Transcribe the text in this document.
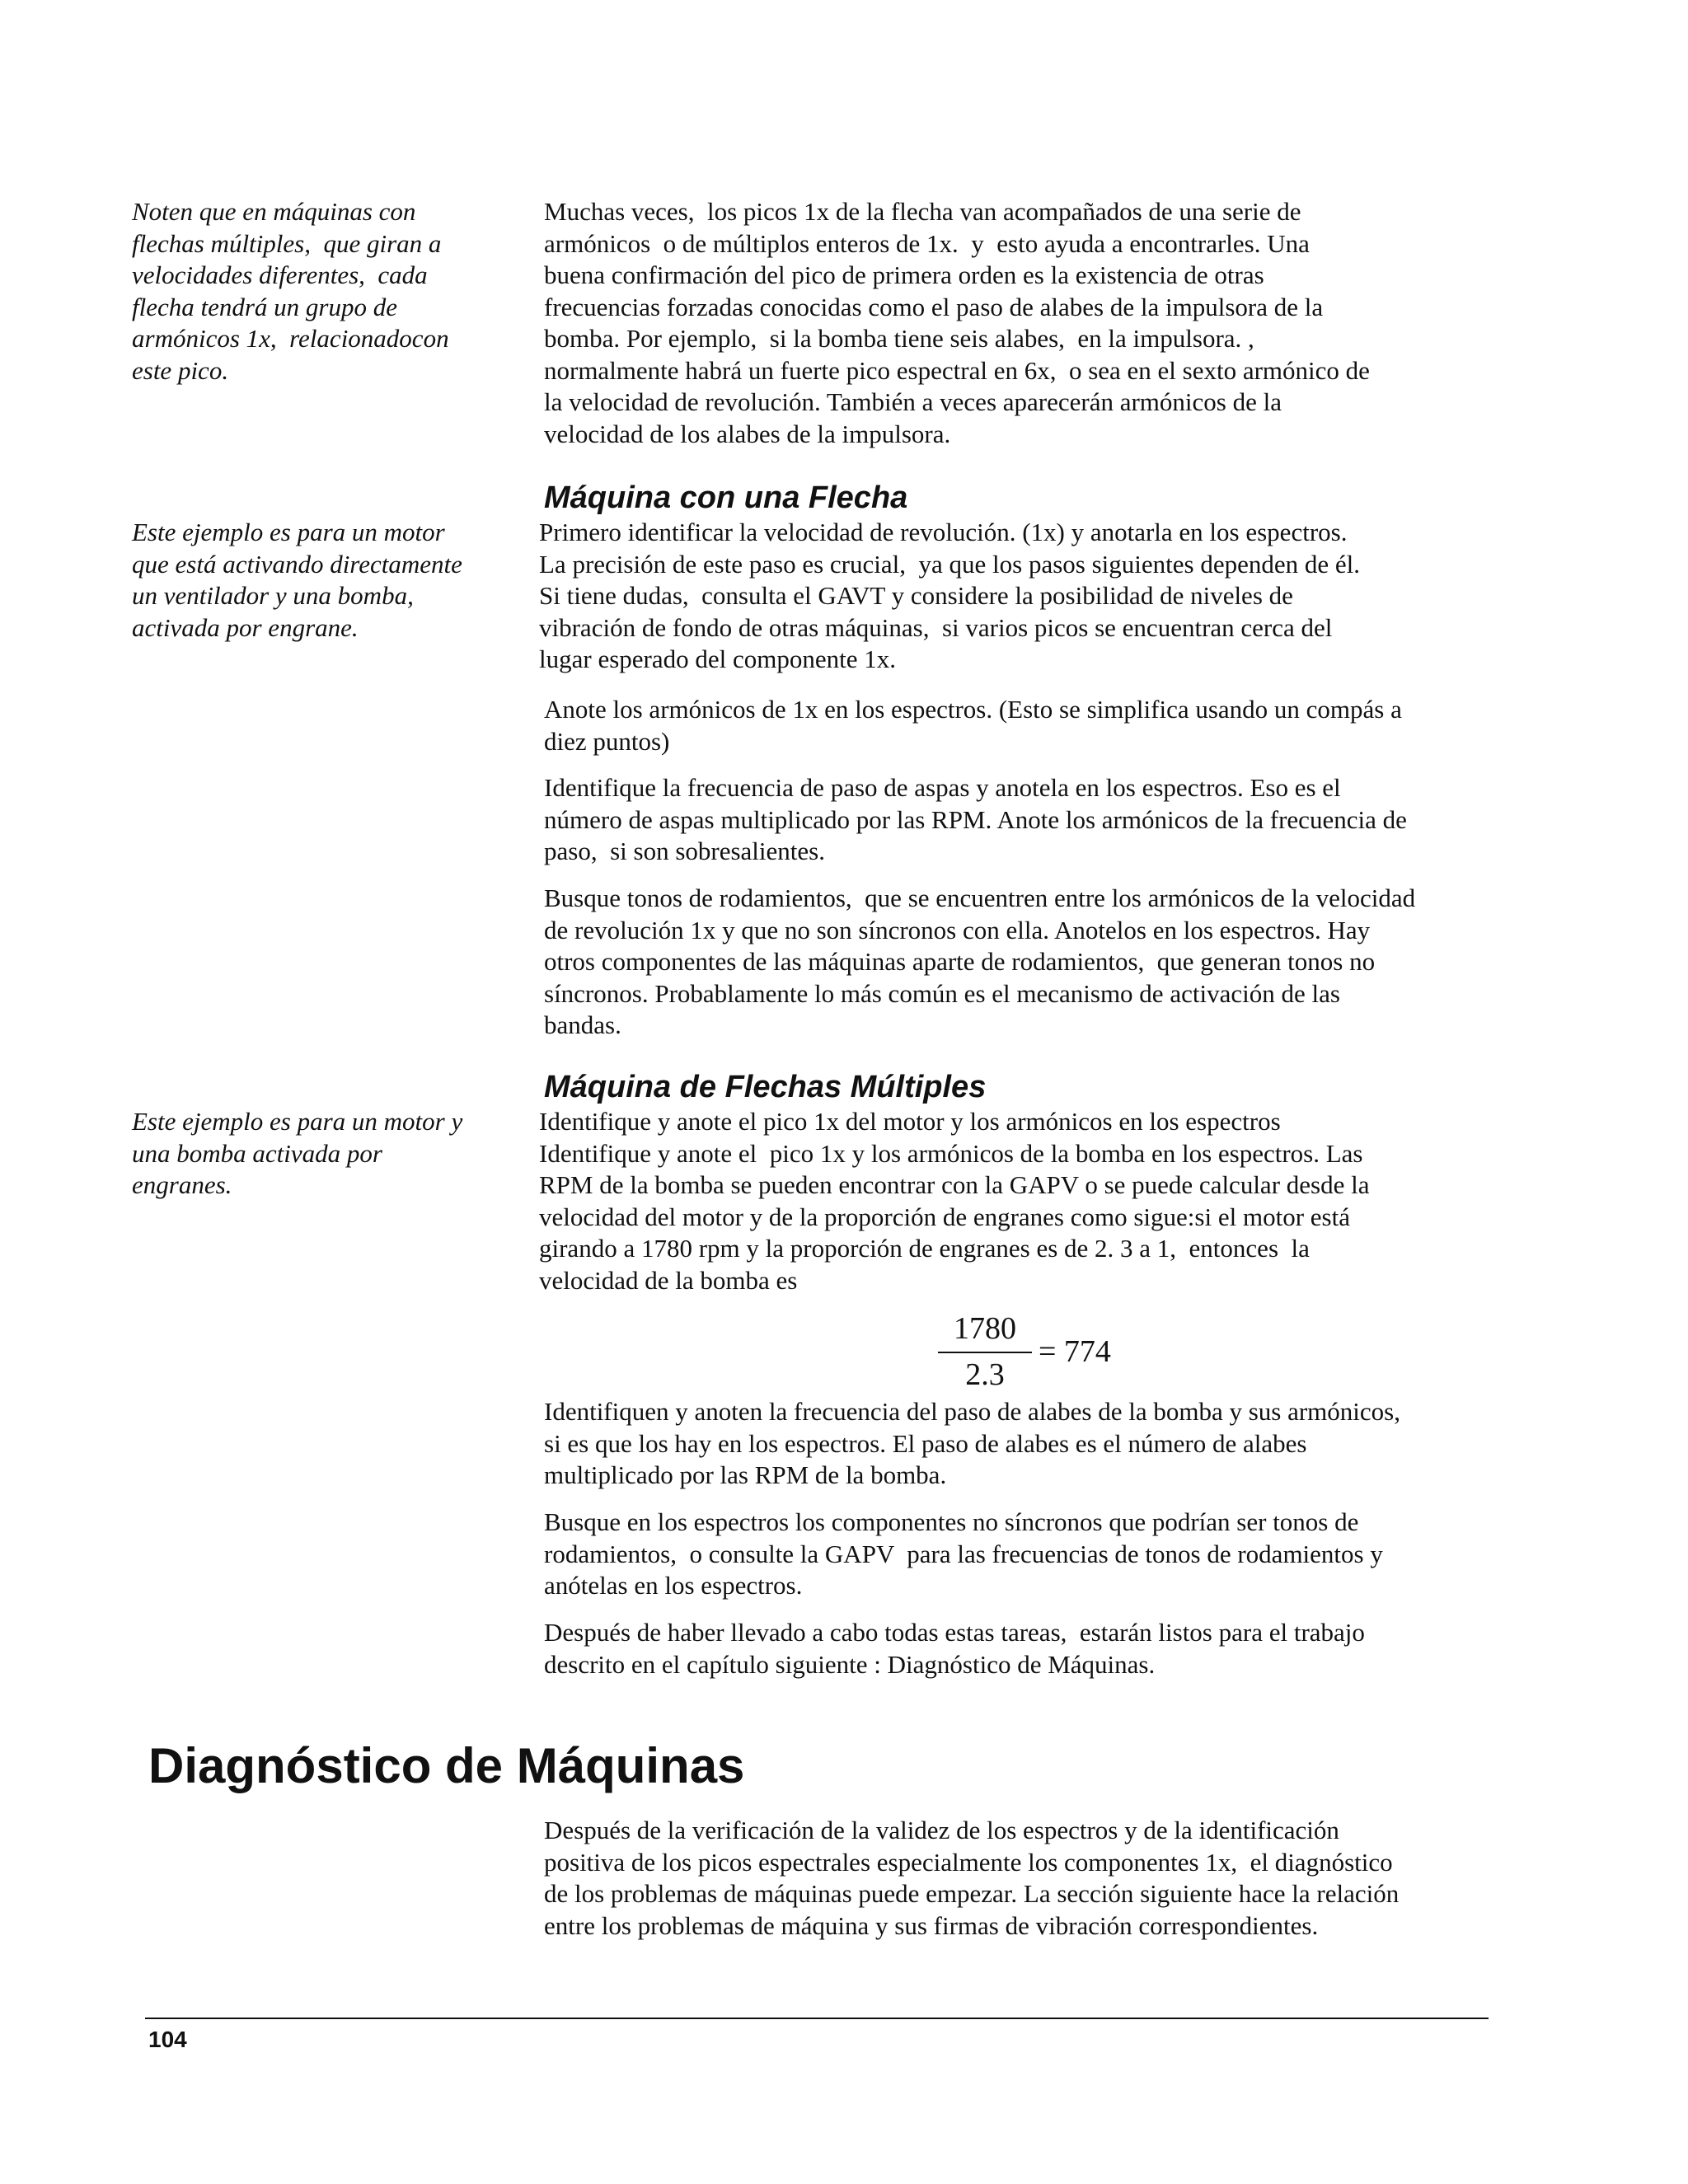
Noten que en máquinas con
flechas múltiples,  que giran a
velocidades diferentes,  cada
flecha tendrá un grupo de
armónicos 1x,  relacionadocon
este pico.
Este ejemplo es para un motor
que está activando directamente
un ventilador y una bomba,
activada por engrane.
Este ejemplo es para un motor y
una bomba activada por
engranes.
Muchas veces,  los picos 1x de la flecha van acompañados de una serie de
armónicos  o de múltiplos enteros de 1x.  y  esto ayuda a encontrarles. Una
buena confirmación del pico de primera orden es la existencia de otras
frecuencias forzadas conocidas como el paso de alabes de la impulsora de la
bomba. Por ejemplo,  si la bomba tiene seis alabes,  en la impulsora. ,
normalmente habrá un fuerte pico espectral en 6x,  o sea en el sexto armónico de
la velocidad de revolución. También a veces aparecerán armónicos de la
velocidad de los alabes de la impulsora.
Máquina con una Flecha
Primero identificar la velocidad de revolución. (1x) y anotarla en los espectros.
La precisión de este paso es crucial,  ya que los pasos siguientes dependen de él.
Si tiene dudas,  consulta el GAVT y considere la posibilidad de niveles de
vibración de fondo de otras máquinas,  si varios picos se encuentran cerca del
lugar esperado del componente 1x.
Anote los armónicos de 1x en los espectros. (Esto se simplifica usando un compás a
diez puntos)
Identifique la frecuencia de paso de aspas y anotela en los espectros. Eso es el
número de aspas multiplicado por las RPM. Anote los armónicos de la frecuencia de
paso,  si son sobresalientes.
Busque tonos de rodamientos,  que se encuentren entre los armónicos de la velocidad
de revolución 1x y que no son síncronos con ella. Anotelos en los espectros. Hay
otros componentes de las máquinas aparte de rodamientos,  que generan tonos no
síncronos. Probablamente lo más común es el mecanismo de activación de las
bandas.
Máquina de Flechas Múltiples
Identifique y anote el pico 1x del motor y los armónicos en los espectros
Identifique y anote el  pico 1x y los armónicos de la bomba en los espectros. Las
RPM de la bomba se pueden encontrar con la GAPV o se puede calcular desde la
velocidad del motor y de la proporción de engranes como sigue:si el motor está
girando a 1780 rpm y la proporción de engranes es de 2. 3 a 1,  entonces  la
velocidad de la bomba es
1780
2.3
= 774
Identifiquen y anoten la frecuencia del paso de alabes de la bomba y sus armónicos,
si es que los hay en los espectros. El paso de alabes es el número de alabes
multiplicado por las RPM de la bomba.
Busque en los espectros los componentes no síncronos que podrían ser tonos de
rodamientos,  o consulte la GAPV  para las frecuencias de tonos de rodamientos y
anótelas en los espectros.
Después de haber llevado a cabo todas estas tareas,  estarán listos para el trabajo
descrito en el capítulo siguiente : Diagnóstico de Máquinas.
Diagnóstico de Máquinas
Después de la verificación de la validez de los espectros y de la identificación
positiva de los picos espectrales especialmente los componentes 1x,  el diagnóstico
de los problemas de máquinas puede empezar. La sección siguiente hace la relación
entre los problemas de máquina y sus firmas de vibración correspondientes.
104
